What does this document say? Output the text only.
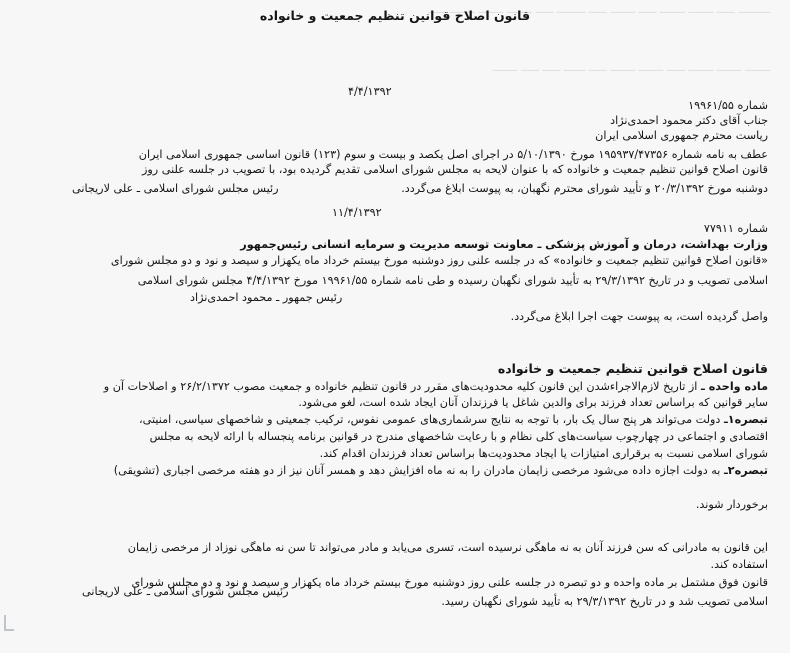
ـــــــــ ـــــ ـــــــ ـــــــ ـــــ ـــــــ ـــــ ــــــــ ـــــ ـــــــ ـــــــ ـــــــ ـــــ
ـــــــ ـــــــ ـــــــ ـــــ ـــــــ ـــــــ ـــــ ــــــ ـــــ ـــــ ـــــــ
قانون اصلاح قوانین تنظیم جمعیت و خانواده
۴/۴/۱۳۹۲
شماره ۱۹۹۶۱/۵۵
جناب آقای دکتر محمود احمدی‌نژاد
ریاست محترم جمهوری اسلامی ایران
عطف به نامه شماره ۱۹۵۹۳۷/۴۷۳۵۶ مورخ ۵/۱۰/۱۳۹۰ در اجرای اصل یکصد و بیست و سوم (۱۲۳) قانون اساسی جمهوری اسلامی ایران
قانون اصلاح قوانین تنظیم جمعیت و خانواده که با عنوان لایحه به مجلس شورای اسلامی تقدیم گردیده بود، با تصویب در جلسه علنی روز
دوشنبه مورخ ۲۰/۳/۱۳۹۲ و تأیید شورای محترم نگهبان، به پیوست ابلاغ می‌گردد.
رئیس مجلس شورای اسلامی ـ علی لاریجانی
۱۱/۴/۱۳۹۲
شماره ۷۷۹۱۱
وزارت بهداشت، درمان و آموزش پزشکی ـ معاونت توسعه مدیریت و سرمایه انسانی رئیس‌جمهور
«قانون اصلاح قوانین تنظیم جمعیت و خانواده» که در جلسه علنی روز دوشنبه مورخ بیستم خرداد ماه یکهزار و سیصد و نود و دو مجلس شورای
اسلامی تصویب و در تاریخ ۲۹/۳/۱۳۹۲ به تأیید شورای نگهبان رسیده و طی نامه شماره ۱۹۹۶۱/۵۵ مورخ ۴/۴/۱۳۹۲ مجلس شورای اسلامی
رئیس جمهور ـ محمود احمدی‌نژاد
واصل گردیده است، به پیوست جهت اجرا ابلاغ می‌گردد.
قانون اصلاح قوانین تنظیم جمعیت و خانواده
ماده واحده ـ از تاریخ لازم‌الاجراءشدن این قانون کلیه محدودیت‌های مقرر در قانون تنظیم خانواده و جمعیت مصوب ۲۶/۲/۱۳۷۲ و اصلاحات آن و
سایر قوانین که براساس تعداد فرزند برای والدین شاغل یا فرزندان آنان ایجاد شده است، لغو می‌شود.
تبصره۱ـ دولت می‌تواند هر پنج سال یک بار، با توجه به نتایج سرشماری‌های عمومی نفوس، ترکیب جمعیتی و شاخصهای سیاسی، امنیتی،
اقتصادی و اجتماعی در چهارچوب سیاست‌های کلی نظام و با رعایت شاخصهای مندرج در قوانین برنامه پنجساله با ارائه لایحه به مجلس
شورای اسلامی نسبت به برقراری امتیازات یا ایجاد محدودیت‌ها براساس تعداد فرزندان اقدام کند.
تبصره۲ـ به دولت اجازه داده می‌شود مرخصی زایمان مادران را به نه ماه افزایش دهد و همسر آنان نیز از دو هفته مرخصی اجباری (تشویقی)
برخوردار شوند.
این قانون به مادرانی که سن فرزند آنان به نه ماهگی نرسیده است، تسری می‌یابد و مادر می‌تواند تا سن نه ماهگی نوزاد از مرخصی زایمان
استفاده کند.
قانون فوق مشتمل بر ماده واحده و دو تبصره در جلسه علنی روز دوشنبه مورخ بیستم خرداد ماه یکهزار و سیصد و نود و دو مجلس شورای
اسلامی تصویب شد و در تاریخ ۲۹/۳/۱۳۹۲ به تأیید شورای نگهبان رسید.
رئیس مجلس شورای اسلامی ـ علی لاریجانی
